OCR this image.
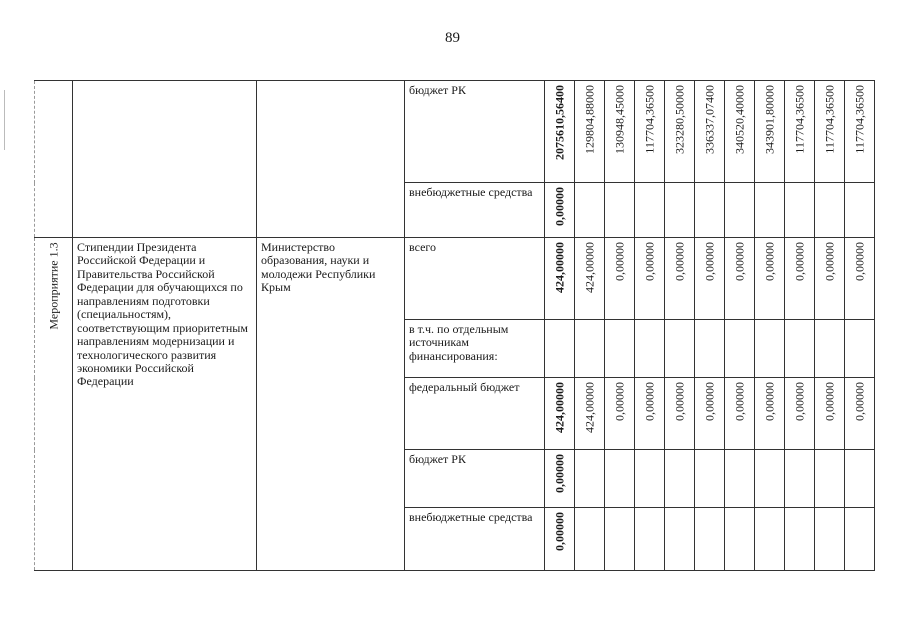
89

			бюджет РК	2075610,56400	129804,88000	130948,45000	117704,36500	323280,50000	336337,07400	340520,40000	343901,80000	117704,36500	117704,36500	117704,36500

			внебюджетные средства	0,00000										

Мероприятие 1.3	Стипендии Президента Российской Федерации и Правительства Российской Федерации для обучающихся по направлениям подготовки (специальностям), соответствующим приоритетным направлениям модернизации и технологического развития экономики Российской Федерации	Министерство образования, науки и молодежи Республики Крым	всего	424,00000	424,00000	0,00000	0,00000	0,00000	0,00000	0,00000	0,00000	0,00000	0,00000	0,00000

			в т.ч. по отдельным источникам финансирования:											

			федеральный бюджет	424,00000	424,00000	0,00000	0,00000	0,00000	0,00000	0,00000	0,00000	0,00000	0,00000	0,00000

			бюджет РК	0,00000										

			внебюджетные средства	0,00000										
